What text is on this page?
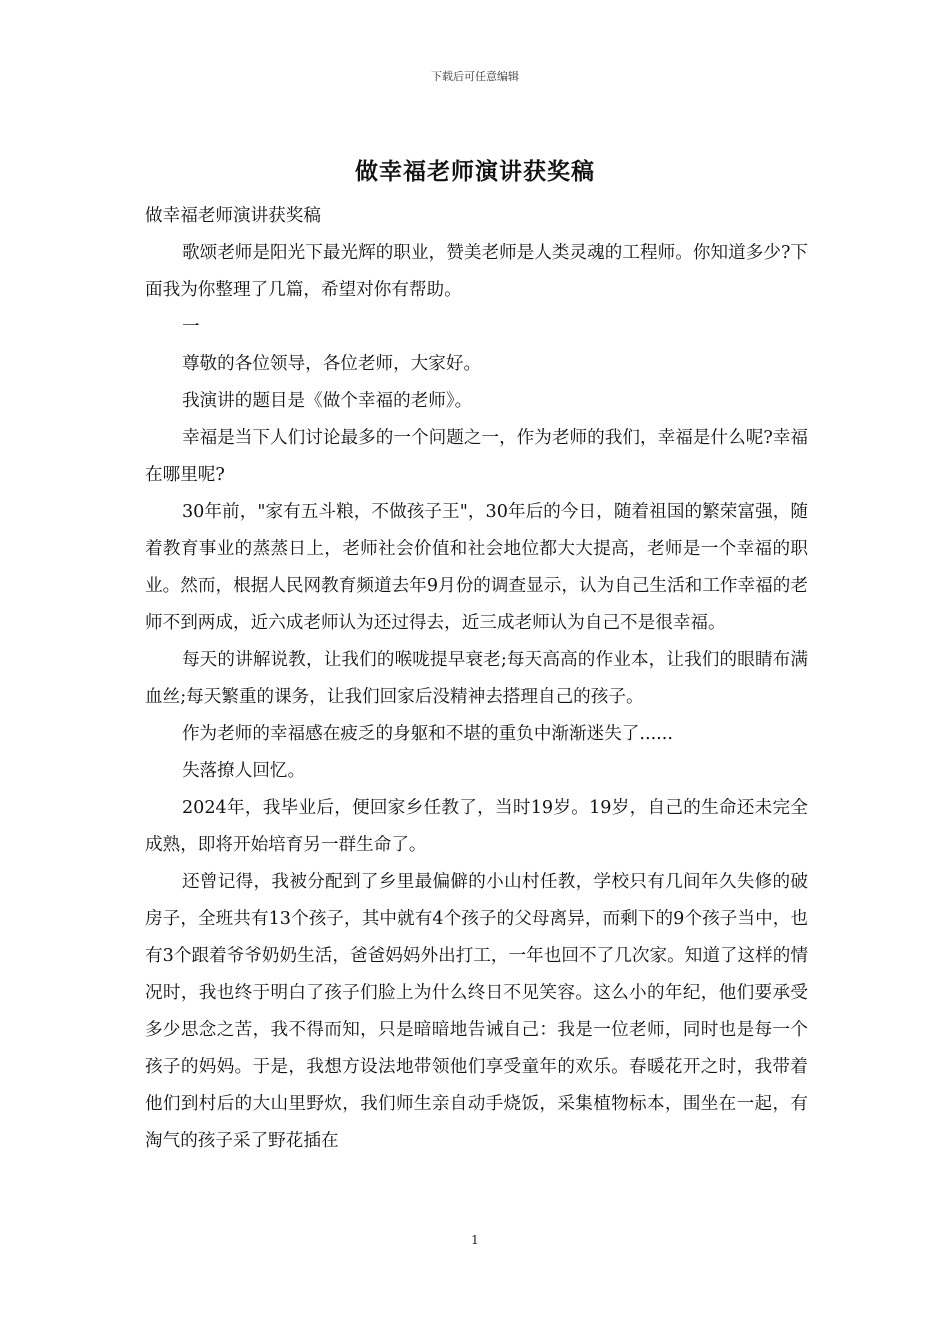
下载后可任意编辑
做幸福老师演讲获奖稿

做幸福老师演讲获奖稿

歌颂老师是阳光下最光辉的职业，赞美老师是人类灵魂的工程师。你知道多少?下面我为你整理了几篇，希望对你有帮助。

一

尊敬的各位领导，各位老师，大家好。

我演讲的题目是《做个幸福的老师》。

幸福是当下人们讨论最多的一个问题之一，作为老师的我们，幸福是什么呢?幸福在哪里呢?

30年前，"家有五斗粮，不做孩子王"，30年后的今日，随着祖国的繁荣富强，随着教育事业的蒸蒸日上，老师社会价值和社会地位都大大提高，老师是一个幸福的职业。然而，根据人民网教育频道去年9月份的调查显示，认为自己生活和工作幸福的老师不到两成，近六成老师认为还过得去，近三成老师认为自己不是很幸福。

每天的讲解说教，让我们的喉咙提早衰老;每天高高的作业本，让我们的眼睛布满血丝;每天繁重的课务，让我们回家后没精神去搭理自己的孩子。

作为老师的幸福感在疲乏的身躯和不堪的重负中渐渐迷失了......

失落撩人回忆。

2024年，我毕业后，便回家乡任教了，当时19岁。19岁，自己的生命还未完全成熟，即将开始培育另一群生命了。

还曾记得，我被分配到了乡里最偏僻的小山村任教，学校只有几间年久失修的破房子，全班共有13个孩子，其中就有4个孩子的父母离异，而剩下的9个孩子当中，也有3个跟着爷爷奶奶生活，爸爸妈妈外出打工，一年也回不了几次家。知道了这样的情况时，我也终于明白了孩子们脸上为什么终日不见笑容。这么小的年纪，他们要承受多少思念之苦，我不得而知，只是暗暗地告诫自己：我是一位老师，同时也是每一个孩子的妈妈。于是，我想方设法地带领他们享受童年的欢乐。春暖花开之时，我带着他们到村后的大山里野炊，我们师生亲自动手烧饭，采集植物标本，围坐在一起，有淘气的孩子采了野花插在

1
